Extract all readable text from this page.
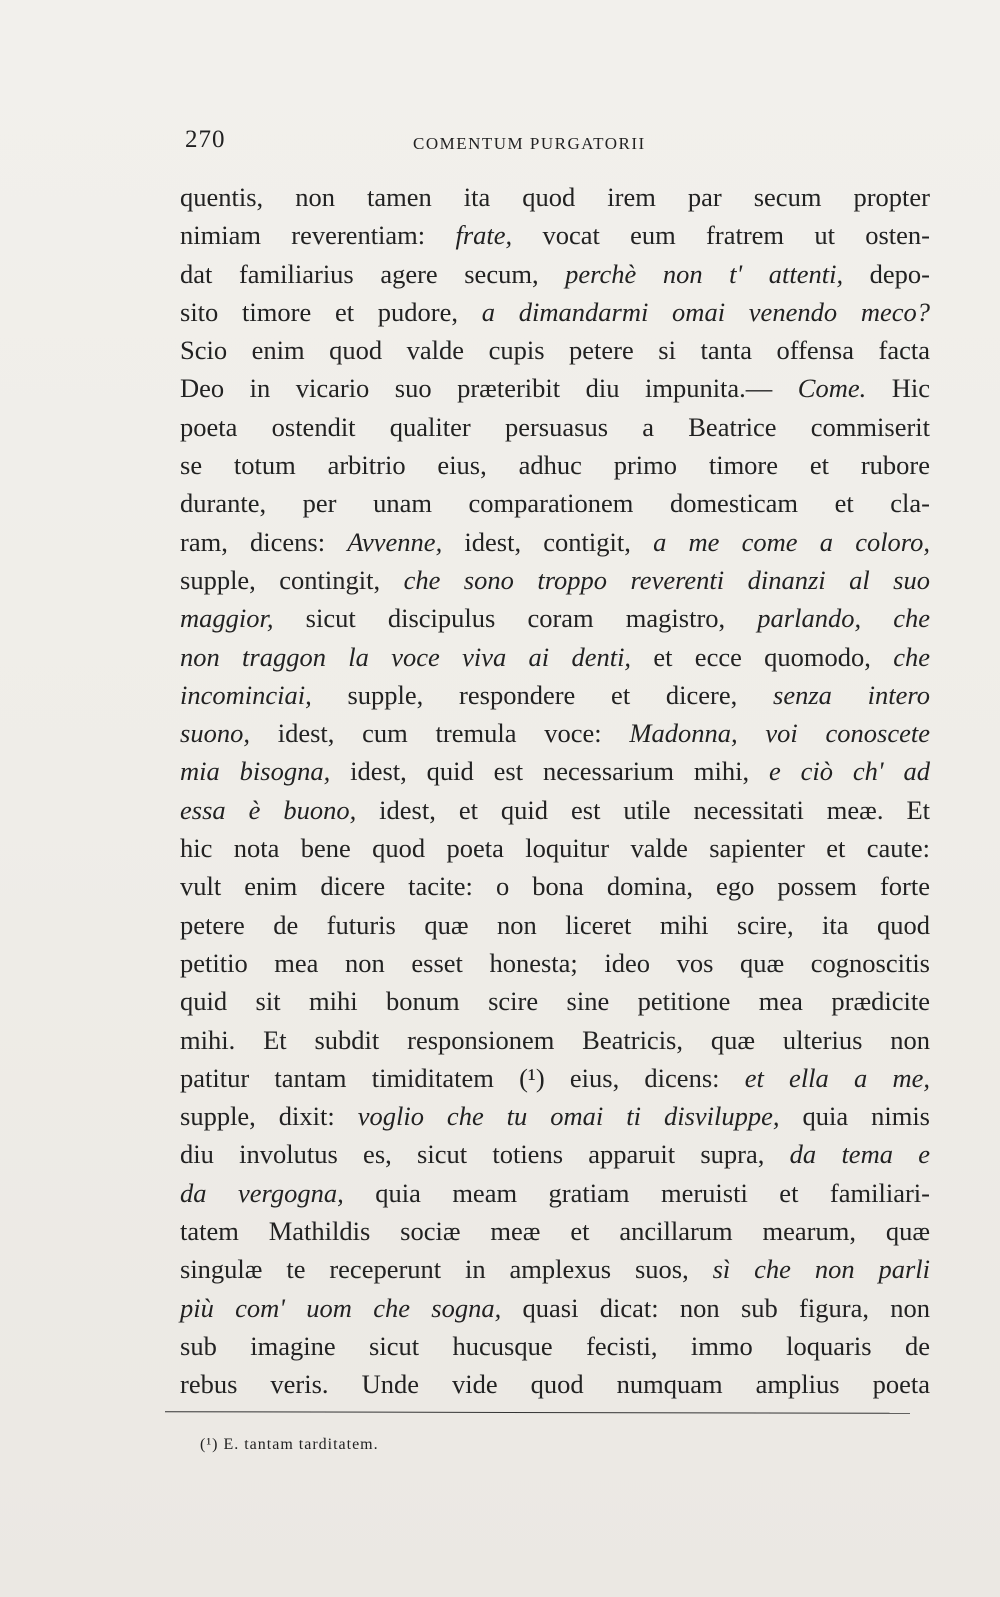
270	COMENTUM PURGATORII
quentis, non tamen ita quod irem par secum propter
nimiam reverentiam: frate, vocat eum fratrem ut osten-
dat familiarius agere secum, perchè non t' attenti, depo-
sito timore et pudore, a dimandarmi omai venendo meco?
Scio enim quod valde cupis petere si tanta offensa facta
Deo in vicario suo præteribit diu impunita.— Come. Hic
poeta ostendit qualiter persuasus a Beatrice commiserit
se totum arbitrio eius, adhuc primo timore et rubore
durante, per unam comparationem domesticam et cla-
ram, dicens: Avvenne, idest, contigit, a me come a coloro,
supple, contingit, che sono troppo reverenti dinanzi al suo
maggior, sicut discipulus coram magistro, parlando, che
non traggon la voce viva ai denti, et ecce quomodo, che
incominciai, supple, respondere et dicere, senza intero
suono, idest, cum tremula voce: Madonna, voi conoscete
mia bisogna, idest, quid est necessarium mihi, e ciò ch' ad
essa è buono, idest, et quid est utile necessitati meæ. Et
hic nota bene quod poeta loquitur valde sapienter et caute:
vult enim dicere tacite: o bona domina, ego possem forte
petere de futuris quæ non liceret mihi scire, ita quod
petitio mea non esset honesta; ideo vos quæ cognoscitis
quid sit mihi bonum scire sine petitione mea prædicite
mihi. Et subdit responsionem Beatricis, quæ ulterius non
patitur tantam timiditatem (¹) eius, dicens: et ella a me,
supple, dixit: voglio che tu omai ti disviluppe, quia nimis
diu involutus es, sicut totiens apparuit supra, da tema e
da vergogna, quia meam gratiam meruisti et familiari-
tatem Mathildis sociæ meæ et ancillarum mearum, quæ
singulæ te receperunt in amplexus suos, sì che non parli
più com' uom che sogna, quasi dicat: non sub figura, non
sub imagine sicut hucusque fecisti, immo loquaris de
rebus veris. Unde vide quod numquam amplius poeta
(¹) E. tantam tarditatem.
